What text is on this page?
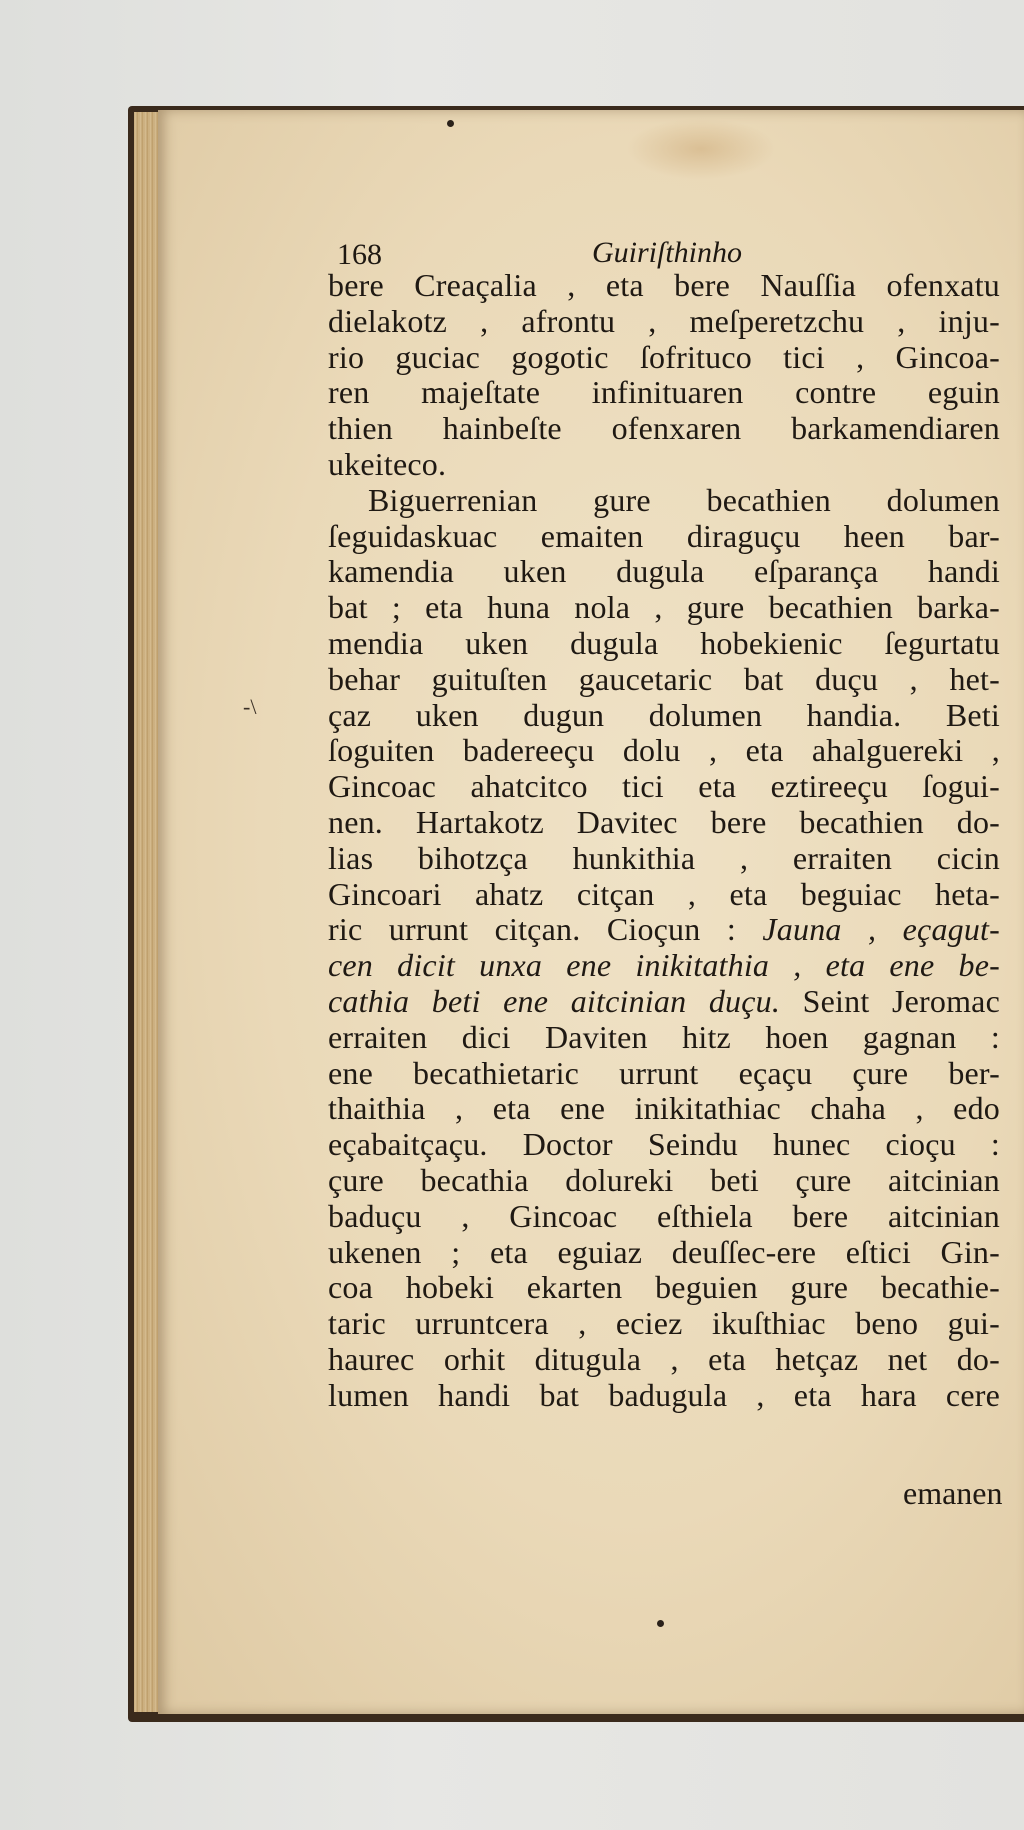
168	Guiriſthinho
-\
bere Creaçalia , eta bere Nauſſia ofenxatu
dielakotz , afrontu , meſperetzchu , inju-
rio guciac gogotic ſofrituco tici , Gincoa-
ren majeſtate infinituaren contre eguin
thien hainbeſte ofenxaren barkamendiaren
ukeiteco.
Biguerrenian gure becathien dolumen
ſeguidaskuac emaiten diraguçu heen bar-
kamendia uken dugula eſparança handi
bat ; eta huna nola , gure becathien barka-
mendia uken dugula hobekienic ſegurtatu
behar guituſten gaucetaric bat duçu , het-
çaz uken dugun dolumen handia. Beti
ſoguiten badereeçu dolu , eta ahalguereki ,
Gincoac ahatcitco tici eta eztireeçu ſogui-
nen. Hartakotz Davitec bere becathien do-
lias bihotzça hunkithia , erraiten cicin
Gincoari ahatz citçan , eta beguiac heta-
ric urrunt citçan. Cioçun : Jauna , eçagut-
cen dicit unxa ene inikitathia , eta ene be-
cathia beti ene aitcinian duçu. Seint Jeromac
erraiten dici Daviten hitz hoen gagnan :
ene becathietaric urrunt eçaçu çure ber-
thaithia , eta ene inikitathiac chaha , edo
eçabaitçaçu. Doctor Seindu hunec cioçu :
çure becathia dolureki beti çure aitcinian
baduçu , Gincoac eſthiela bere aitcinian
ukenen ; eta eguiaz deuſſec-ere eſtici Gin-
coa hobeki ekarten beguien gure becathie-
taric urruntcera , eciez ikuſthiac beno gui-
haurec orhit ditugula , eta hetçaz net do-
lumen handi bat badugula , eta hara cere
emanen
